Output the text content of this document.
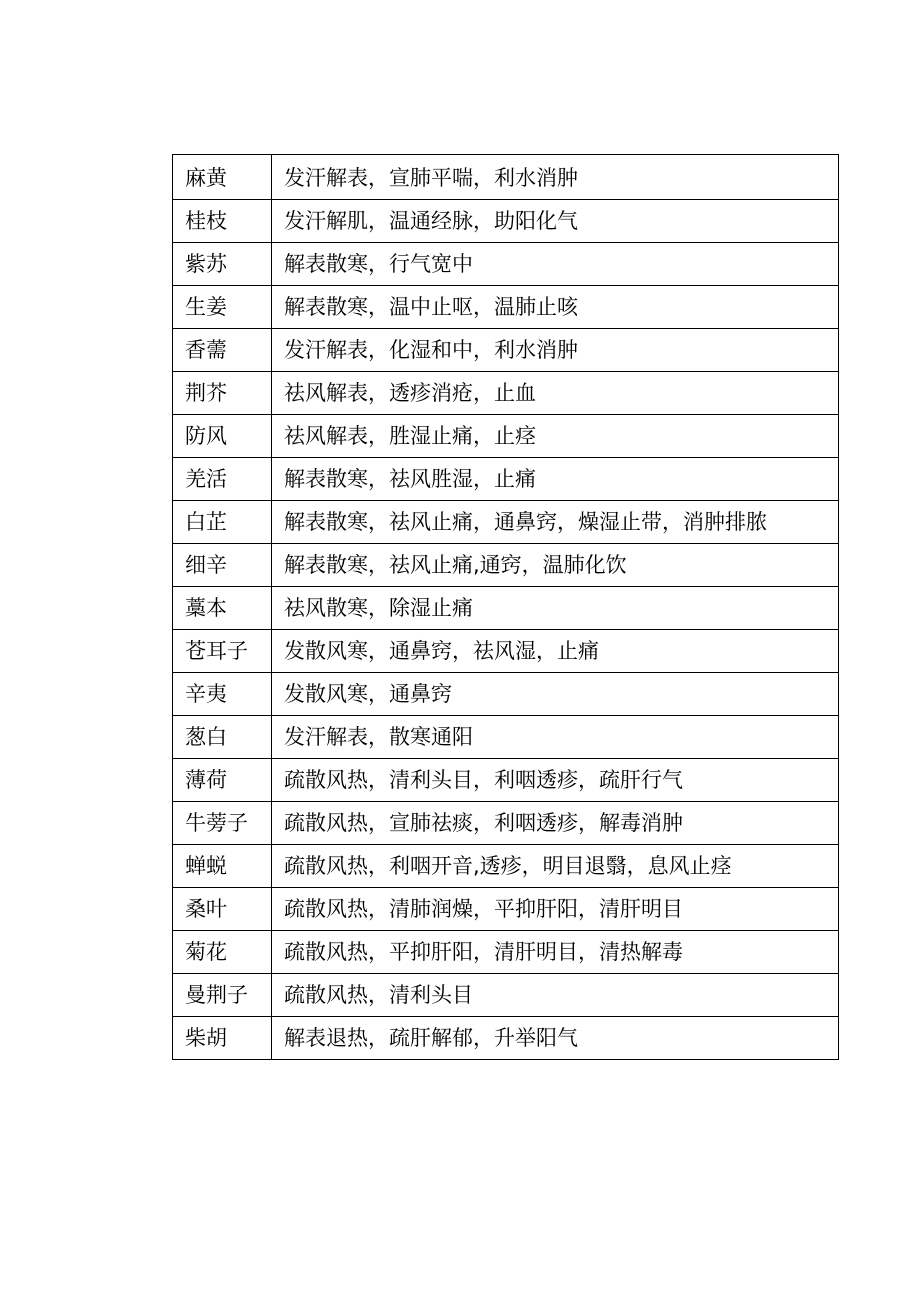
麻黄	发汗解表，宣肺平喘，利水消肿
桂枝	发汗解肌，温通经脉，助阳化气
紫苏	解表散寒，行气宽中
生姜	解表散寒，温中止呕，温肺止咳
香薷	发汗解表，化湿和中，利水消肿
荆芥	祛风解表，透疹消疮，止血
防风	祛风解表，胜湿止痛，止痉
羌活	解表散寒，祛风胜湿，止痛
白芷	解表散寒，祛风止痛，通鼻窍，燥湿止带，消肿排脓
细辛	解表散寒，祛风止痛,通窍，温肺化饮
藁本	祛风散寒，除湿止痛
苍耳子	发散风寒，通鼻窍，祛风湿，止痛
辛夷	发散风寒，通鼻窍
葱白	发汗解表，散寒通阳
薄荷	疏散风热，清利头目，利咽透疹，疏肝行气
牛蒡子	疏散风热，宣肺祛痰，利咽透疹，解毒消肿
蝉蜕	疏散风热，利咽开音,透疹，明目退翳，息风止痉
桑叶	疏散风热，清肺润燥，平抑肝阳，清肝明目
菊花	疏散风热，平抑肝阳，清肝明目，清热解毒
曼荆子	疏散风热，清利头目
柴胡	解表退热，疏肝解郁，升举阳气
